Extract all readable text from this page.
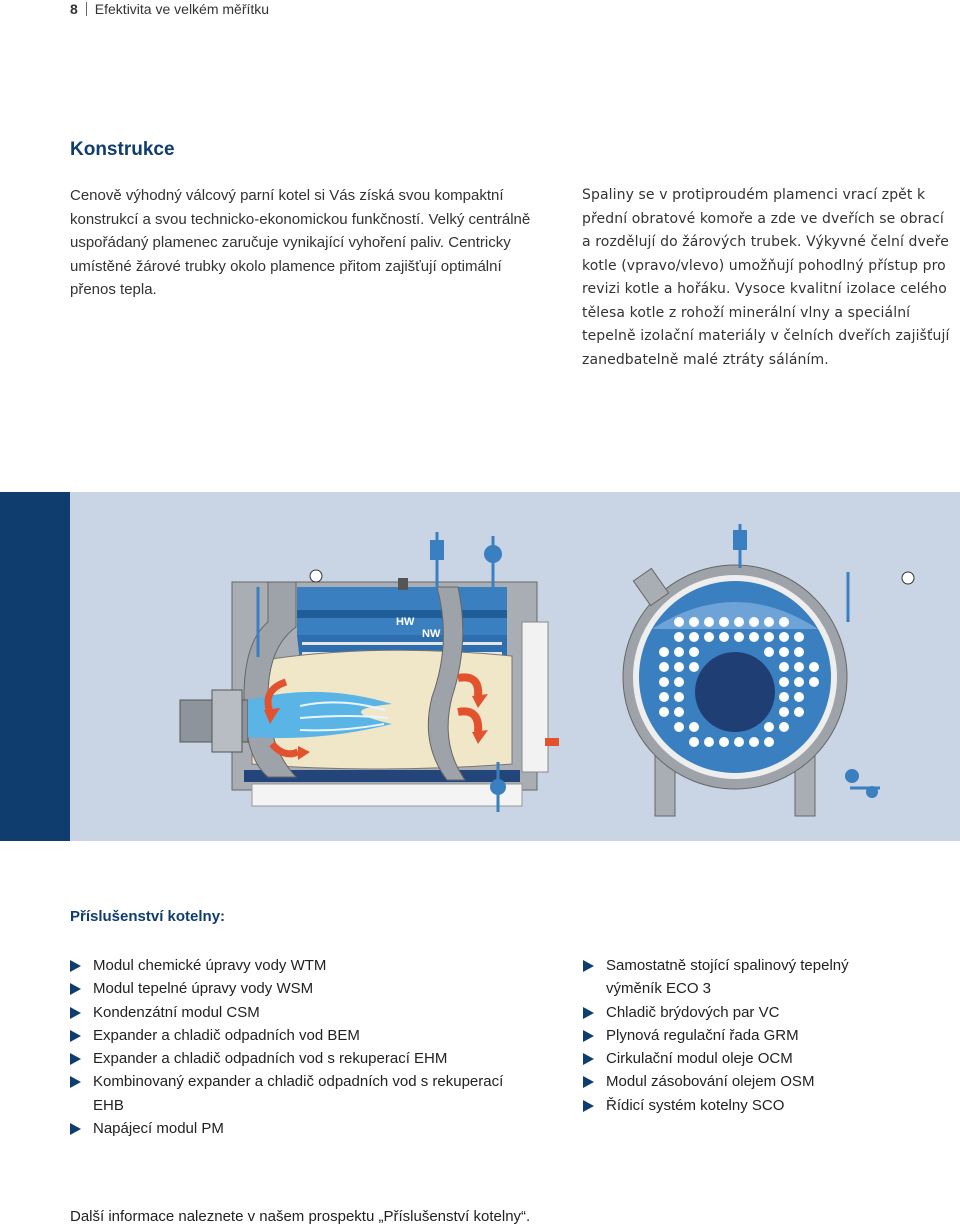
8 Efektivita ve velkém měřítku
Konstrukce

Cenově výhodný válcový parní kotel si Vás získá svou kompaktní konstrukcí a svou technicko-ekonomickou funkčností. Velký centrálně uspořádaný plamenec zaručuje vynikající vyhoření paliv. Centricky umístěné žárové trubky okolo plamence přitom zajišťují optimální přenos tepla.

Spaliny se v protiproudém plamenci vrací zpět k přední obratové komoře a zde ve dveřích se obrací a rozdělují do žárových trubek. Výkyvné čelní dveře kotle (vpravo/vlevo) umožňují pohodlný přístup pro revizi kotle a hořáku. Vysoce kvalitní izolace celého tělesa kotle z rohoží minerální vlny a speciální tepelně izolační materiály v čelních dveřích zajišťují zanedbatelně malé ztráty sáláním.

HW
NW
Příslušenství kotelny:
Modul chemické úpravy vody WTM
Modul tepelné úpravy vody WSM
Kondenzátní modul CSM
Expander a chladič odpadních vod BEM
Expander a chladič odpadních vod s rekuperací EHM
Kombinovaný expander a chladič odpadních vod s rekuperací EHB
Napájecí modul PM
Samostatně stojící spalinový tepelný výměník ECO 3
Chladič brýdových par VC
Plynová regulační řada GRM
Cirkulační modul oleje OCM
Modul zásobování olejem OSM
Řídicí systém kotelny SCO

Další informace naleznete v našem prospektu „Příslušenství kotelny“.
